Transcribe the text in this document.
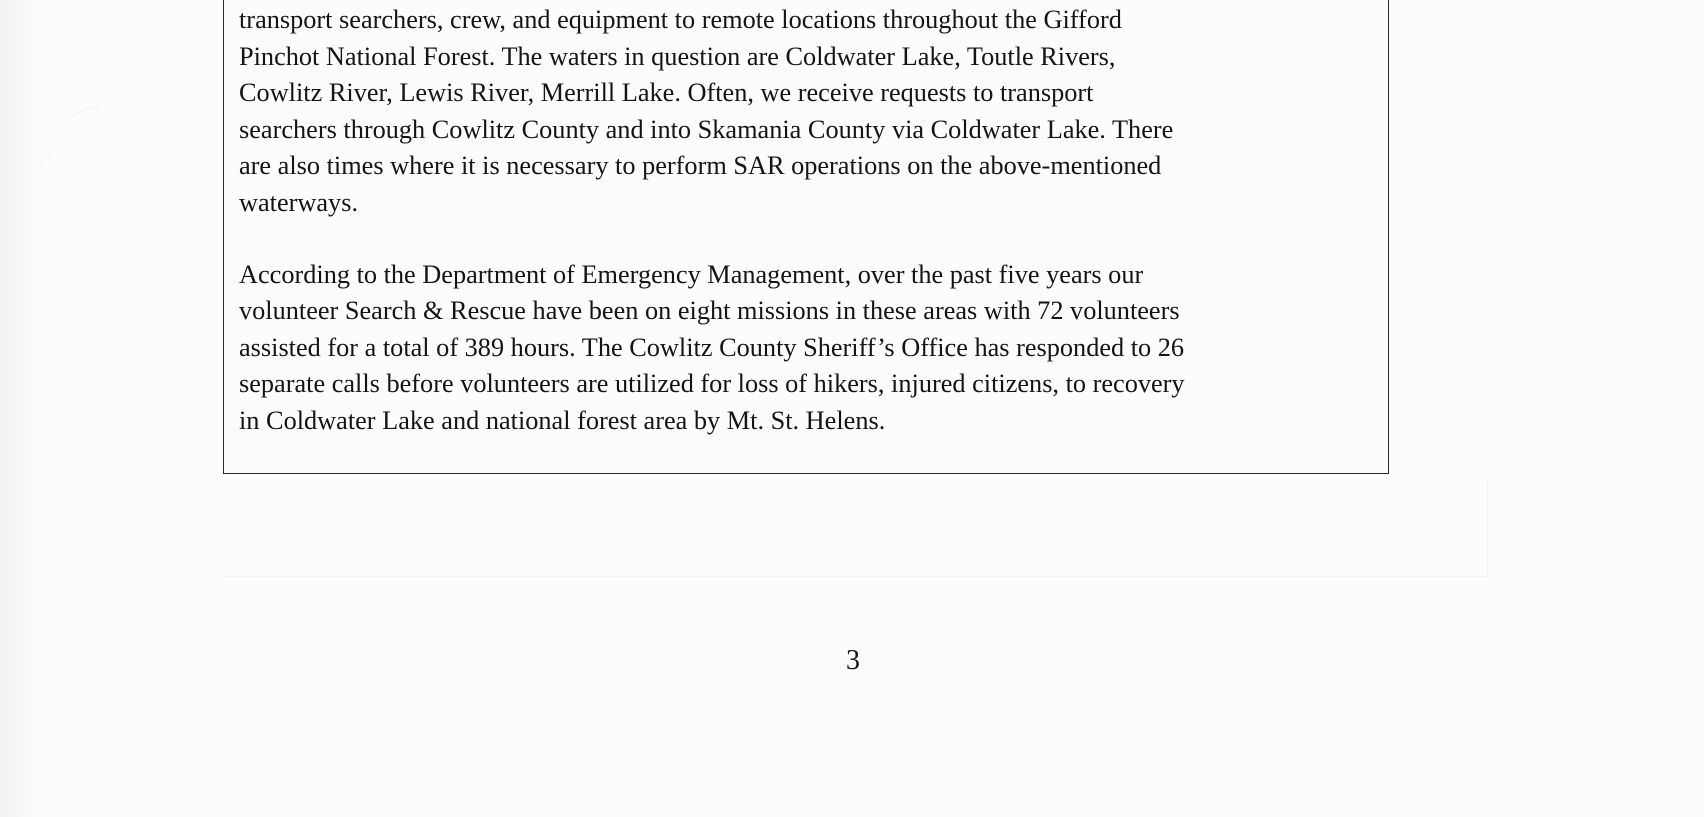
transport searchers, crew, and equipment to remote locations throughout the Gifford
Pinchot National Forest. The waters in question are Coldwater Lake, Toutle Rivers,
Cowlitz River, Lewis River, Merrill Lake. Often, we receive requests to transport
searchers through Cowlitz County and into Skamania County via Coldwater Lake. There
are also times where it is necessary to perform SAR operations on the above-mentioned
waterways.

According to the Department of Emergency Management, over the past five years our
volunteer Search & Rescue have been on eight missions in these areas with 72 volunteers
assisted for a total of 389 hours. The Cowlitz County Sheriff’s Office has responded to 26
separate calls before volunteers are utilized for loss of hikers, injured citizens, to recovery
in Coldwater Lake and national forest area by Mt. St. Helens.

3
